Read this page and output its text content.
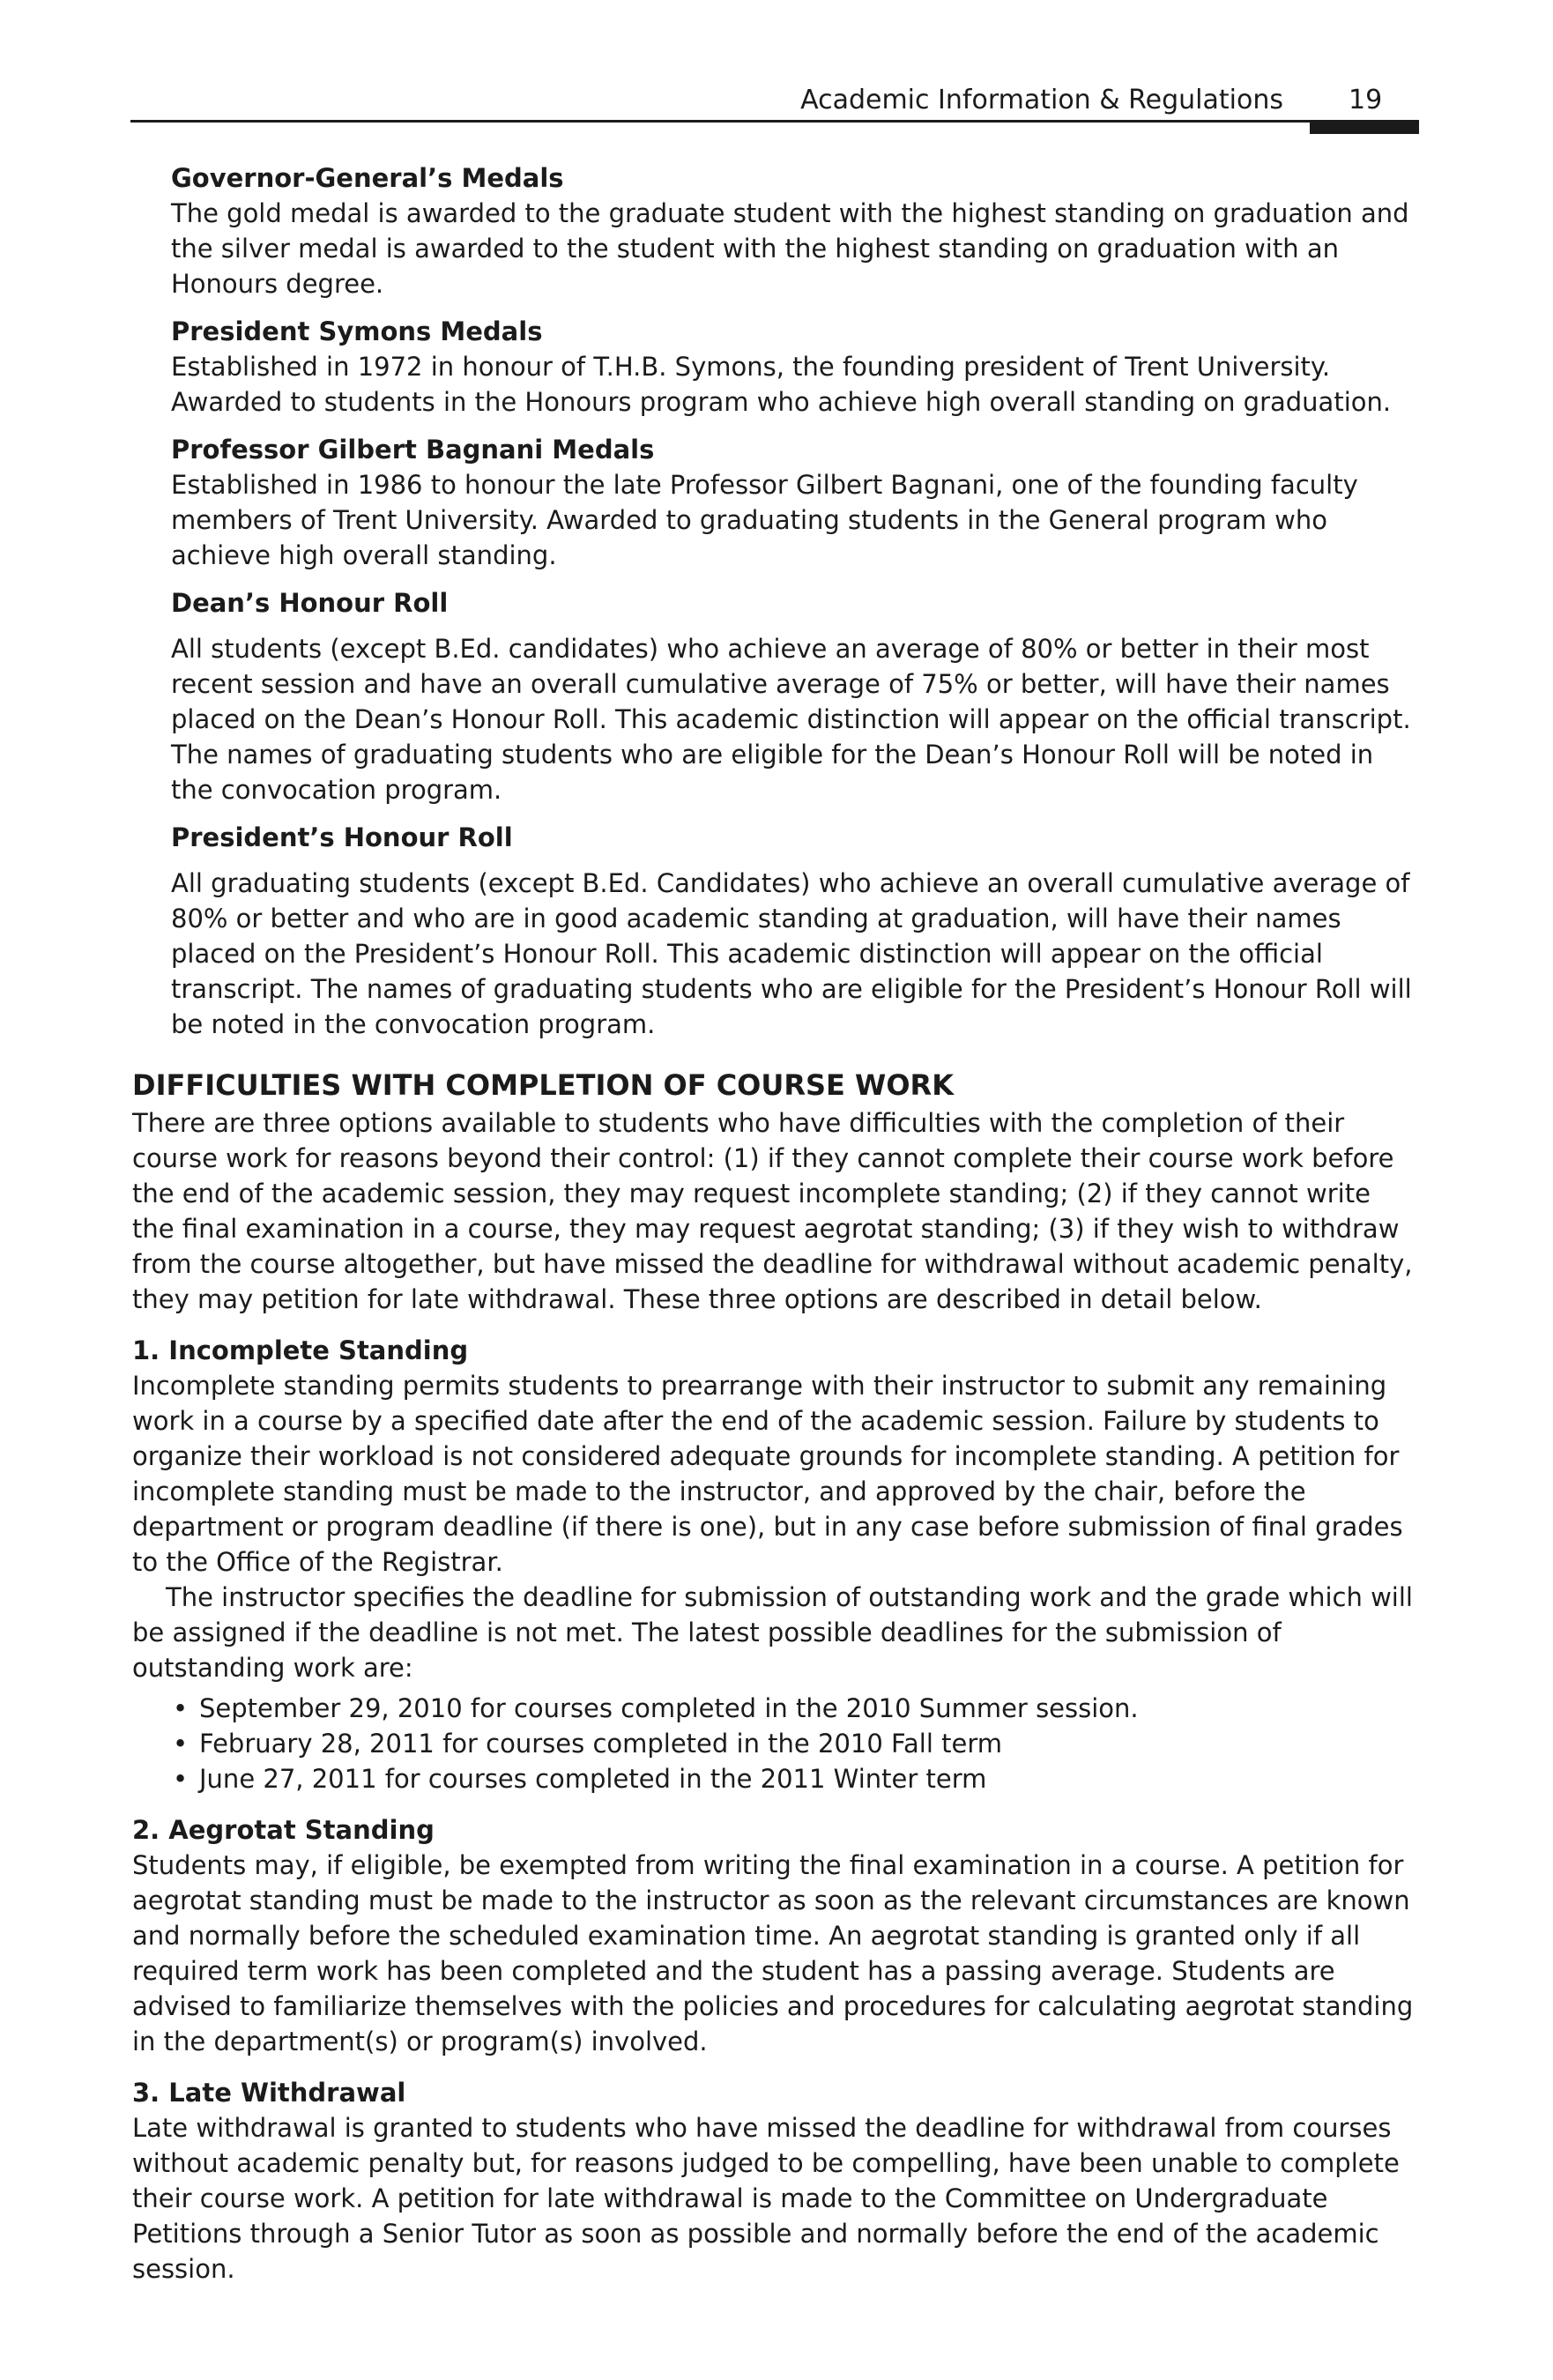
Academic Information & Regulations 19

Governor-General’s Medals

The gold medal is awarded to the graduate student with the highest standing on graduation and the silver medal is awarded to the student with the highest standing on graduation with an Honours degree.

President Symons Medals

Established in 1972 in honour of T.H.B. Symons, the founding president of Trent University. Awarded to students in the Honours program who achieve high overall standing on graduation.

Professor Gilbert Bagnani Medals

Established in 1986 to honour the late Professor Gilbert Bagnani, one of the founding faculty members of Trent University. Awarded to graduating students in the General program who achieve high overall standing.

Dean’s Honour Roll

All students (except B.Ed. candidates) who achieve an average of 80% or better in their most recent session and have an overall cumulative average of 75% or better, will have their names placed on the Dean’s Honour Roll. This academic distinction will appear on the official transcript. The names of graduating students who are eligible for the Dean’s Honour Roll will be noted in the convocation program.

President’s Honour Roll

All graduating students (except B.Ed. Candidates) who achieve an overall cumulative average of 80% or better and who are in good academic standing at graduation, will have their names placed on the President’s Honour Roll. This academic distinction will appear on the official transcript. The names of graduating students who are eligible for the President’s Honour Roll will be noted in the convocation program.

DIFFICULTIES WITH COMPLETION OF COURSE WORK

There are three options available to students who have difficulties with the completion of their course work for reasons beyond their control: (1) if they cannot complete their course work before the end of the academic session, they may request incomplete standing; (2) if they cannot write the final examination in a course, they may request aegrotat standing; (3) if they wish to withdraw from the course altogether, but have missed the deadline for withdrawal without academic penalty, they may petition for late withdrawal. These three options are described in detail below.

1. Incomplete Standing

Incomplete standing permits students to prearrange with their instructor to submit any remaining work in a course by a specified date after the end of the academic session. Failure by students to organize their workload is not considered adequate grounds for incomplete standing. A petition for incomplete standing must be made to the instructor, and approved by the chair, before the department or program deadline (if there is one), but in any case before submission of final grades to the Office of the Registrar.

The instructor specifies the deadline for submission of outstanding work and the grade which will be assigned if the deadline is not met. The latest possible deadlines for the submission of outstanding work are:

• September 29, 2010 for courses completed in the 2010 Summer session.
• February 28, 2011 for courses completed in the 2010 Fall term
• June 27, 2011 for courses completed in the 2011 Winter term

2. Aegrotat Standing

Students may, if eligible, be exempted from writing the final examination in a course. A petition for aegrotat standing must be made to the instructor as soon as the relevant circumstances are known and normally before the scheduled examination time. An aegrotat standing is granted only if all required term work has been completed and the student has a passing average. Students are advised to familiarize themselves with the policies and procedures for calculating aegrotat standing in the department(s) or program(s) involved.

3. Late Withdrawal

Late withdrawal is granted to students who have missed the deadline for withdrawal from courses without academic penalty but, for reasons judged to be compelling, have been unable to complete their course work. A petition for late withdrawal is made to the Committee on Undergraduate Petitions through a Senior Tutor as soon as possible and normally before the end of the academic session.
